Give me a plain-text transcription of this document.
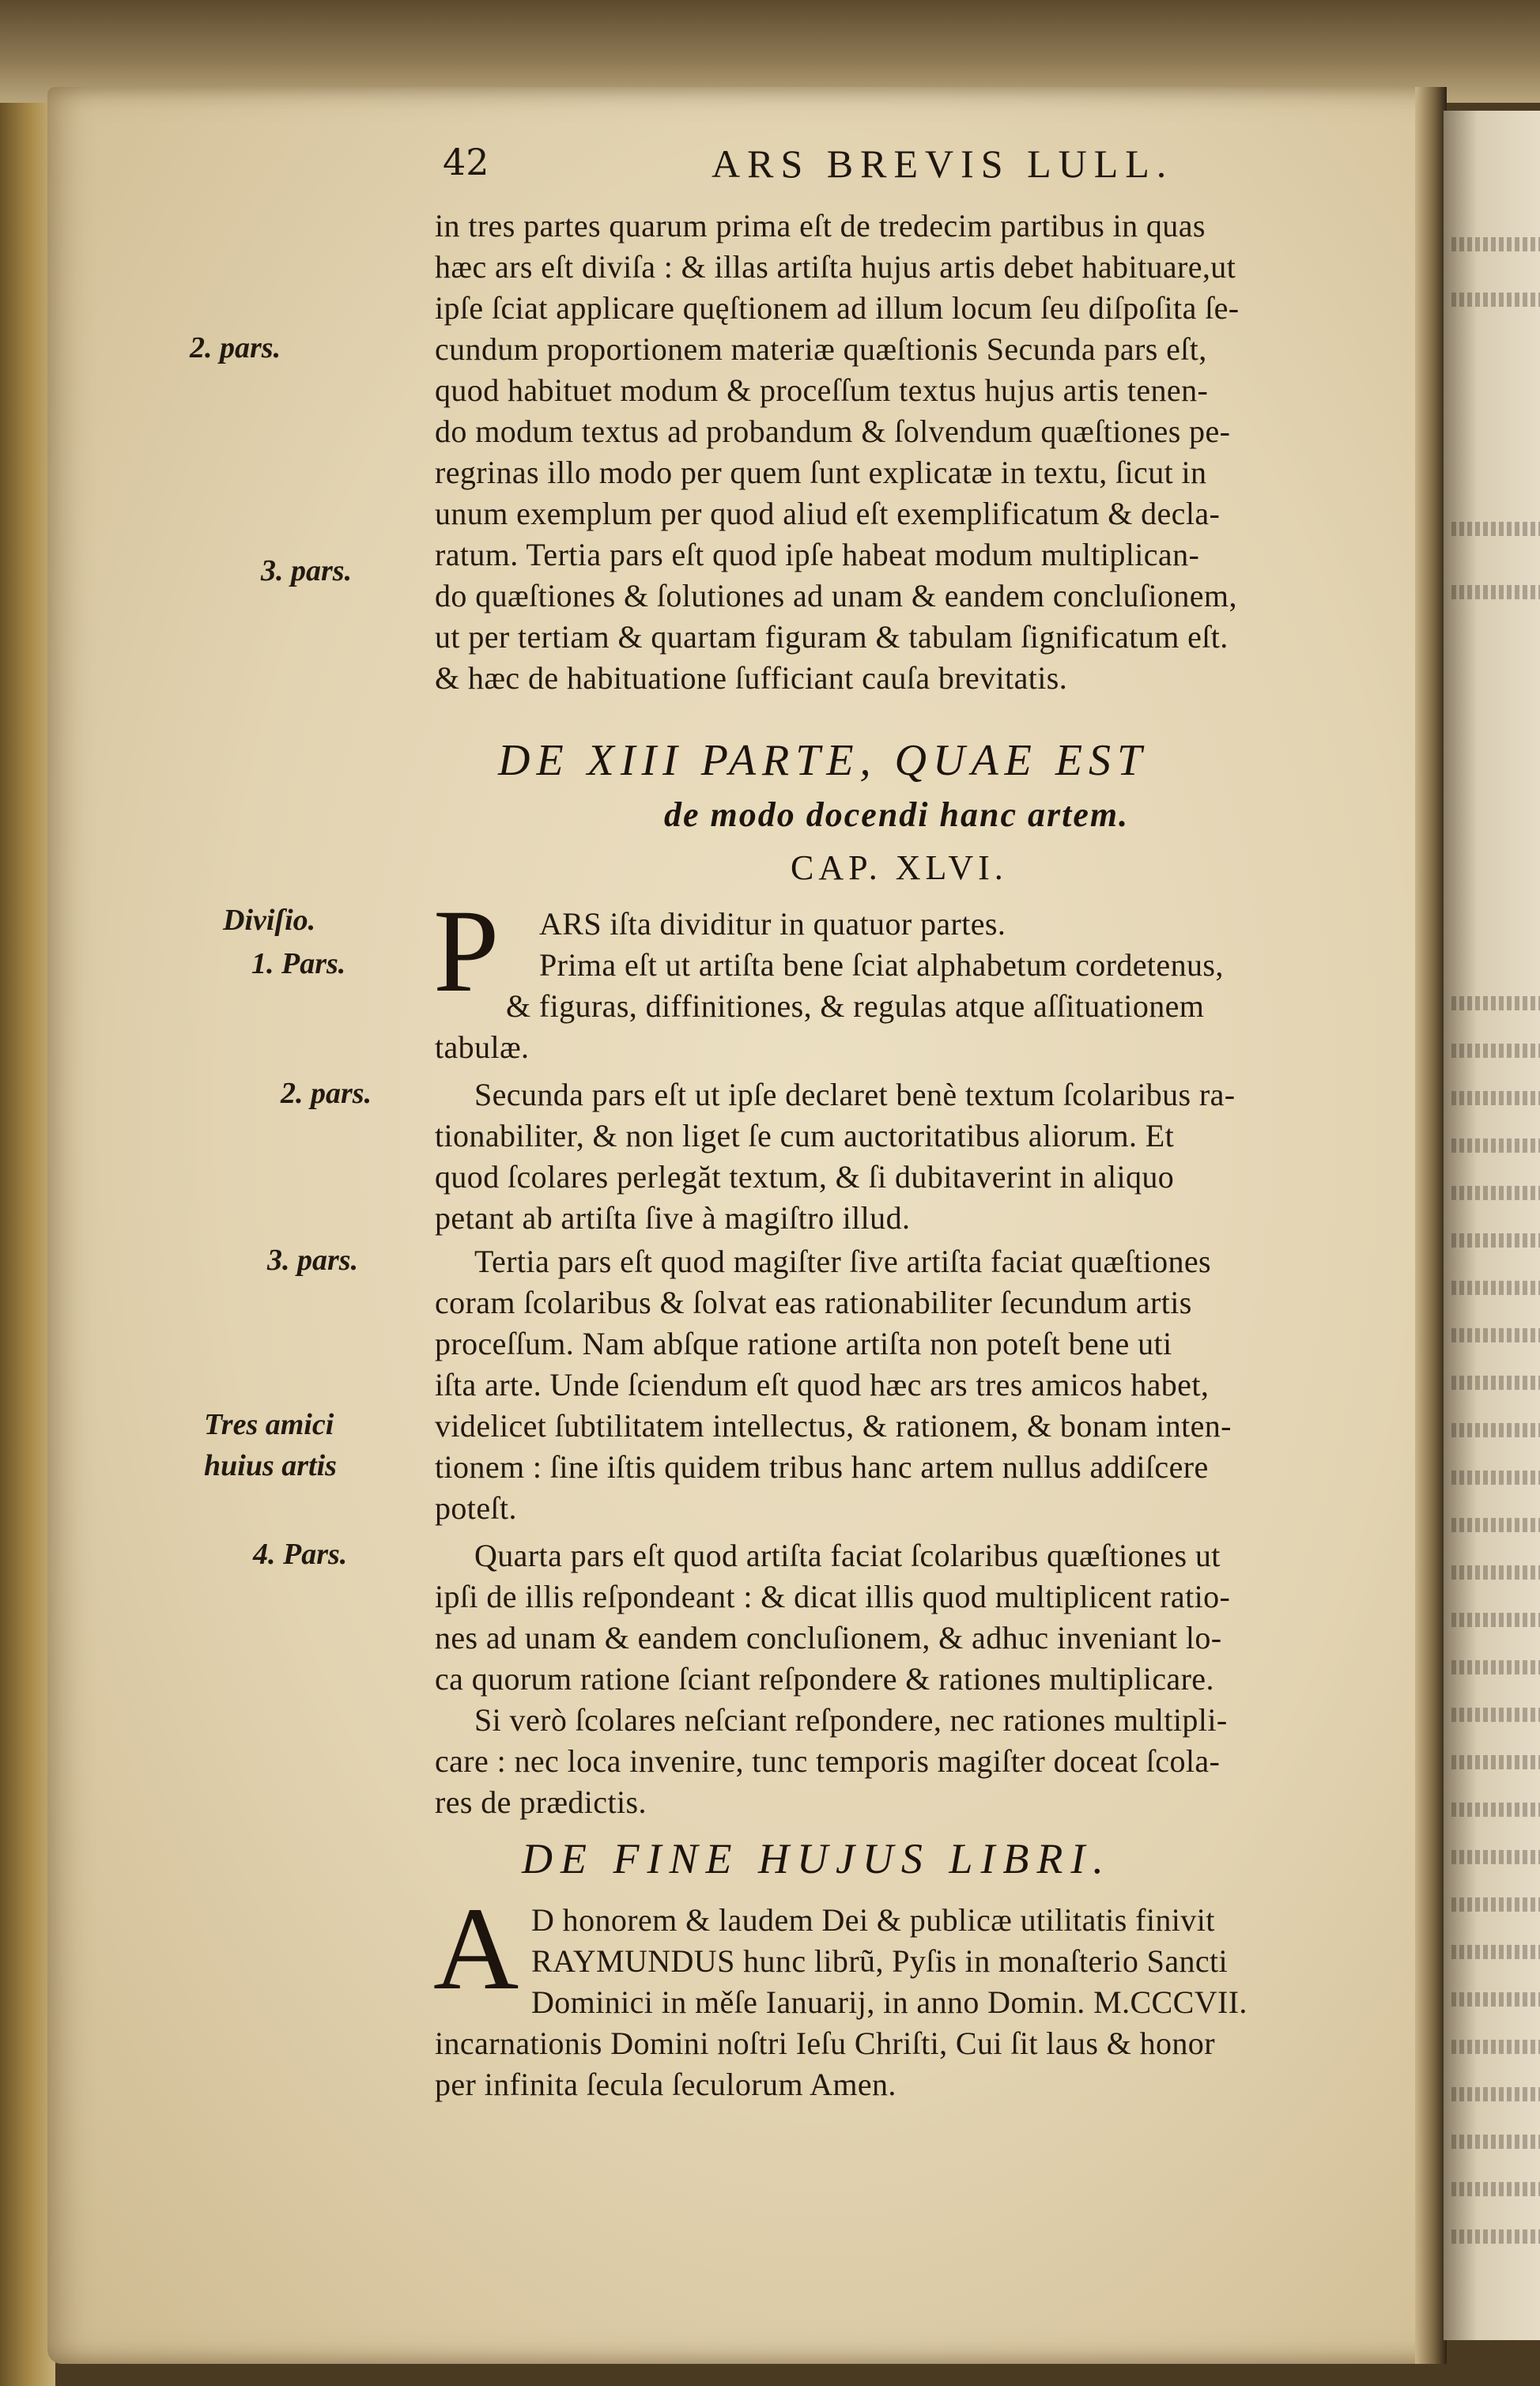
42	ARS BREVIS LULL.
in tres partes quarum prima eſt de tredecim partibus in quas
hæc ars eſt diviſa : & illas artiſta hujus artis debet habituare,ut
ipſe ſciat applicare quęſtionem ad illum locum ſeu diſpoſita ſe-
cundum proportionem materiæ quæſtionis Secunda pars eſt,
quod habituet modum & proceſſum textus hujus artis tenen-
do modum textus ad probandum & ſolvendum quæſtiones pe-
regrinas illo modo per quem ſunt explicatæ in textu, ſicut in
unum exemplum per quod aliud eſt exemplificatum & decla-
ratum. Tertia pars eſt quod ipſe habeat modum multiplican-
do quæſtiones & ſolutiones ad unam & eandem concluſionem,
ut per tertiam & quartam figuram & tabulam ſignificatum eſt.
& hæc de habituatione ſufficiant cauſa brevitatis.
2. pars.
3. pars.
DE XIII PARTE, QUAE EST
de modo docendi hanc artem.
CAP. XLVI.
P ARS iſta dividitur in quatuor partes.
Prima eſt ut artiſta bene ſciat alphabetum cordetenus,
& figuras, diffinitiones, & regulas atque aſſituationem
tabulæ.
Secunda pars eſt ut ipſe declaret benè textum ſcolaribus ra-
tionabiliter, & non liget ſe cum auctoritatibus aliorum. Et
quod ſcolares perlegăt textum, & ſi dubitaverint in aliquo
petant ab artiſta ſive à magiſtro illud.
Tertia pars eſt quod magiſter ſive artiſta faciat quæſtiones
coram ſcolaribus & ſolvat eas rationabiliter ſecundum artis
proceſſum. Nam abſque ratione artiſta non poteſt bene uti
iſta arte. Unde ſciendum eſt quod hæc ars tres amicos habet,
videlicet ſubtilitatem intellectus, & rationem, & bonam inten-
tionem : ſine iſtis quidem tribus hanc artem nullus addiſcere
poteſt.
Quarta pars eſt quod artiſta faciat ſcolaribus quæſtiones ut
ipſi de illis reſpondeant : & dicat illis quod multiplicent ratio-
nes ad unam & eandem concluſionem, & adhuc inveniant lo-
ca quorum ratione ſciant reſpondere & rationes multiplicare.
Si verò ſcolares neſciant reſpondere, nec rationes multipli-
care : nec loca invenire, tunc temporis magiſter doceat ſcola-
res de prædictis.
Diviſio.
1. Pars.
2. pars.
3. pars.
Tres amici
huius artis
4. Pars.
DE FINE HUJUS LIBRI.
A D honorem & laudem Dei & publicæ utilitatis finivit
RAYMUNDUS hunc librũ, Pyſis in monaſterio Sancti
Dominici in měſe Ianuarij, in anno Domin. M.CCCVII.
incarnationis Domini noſtri Ieſu Chriſti, Cui ſit laus & honor
per infinita ſecula ſeculorum Amen.
